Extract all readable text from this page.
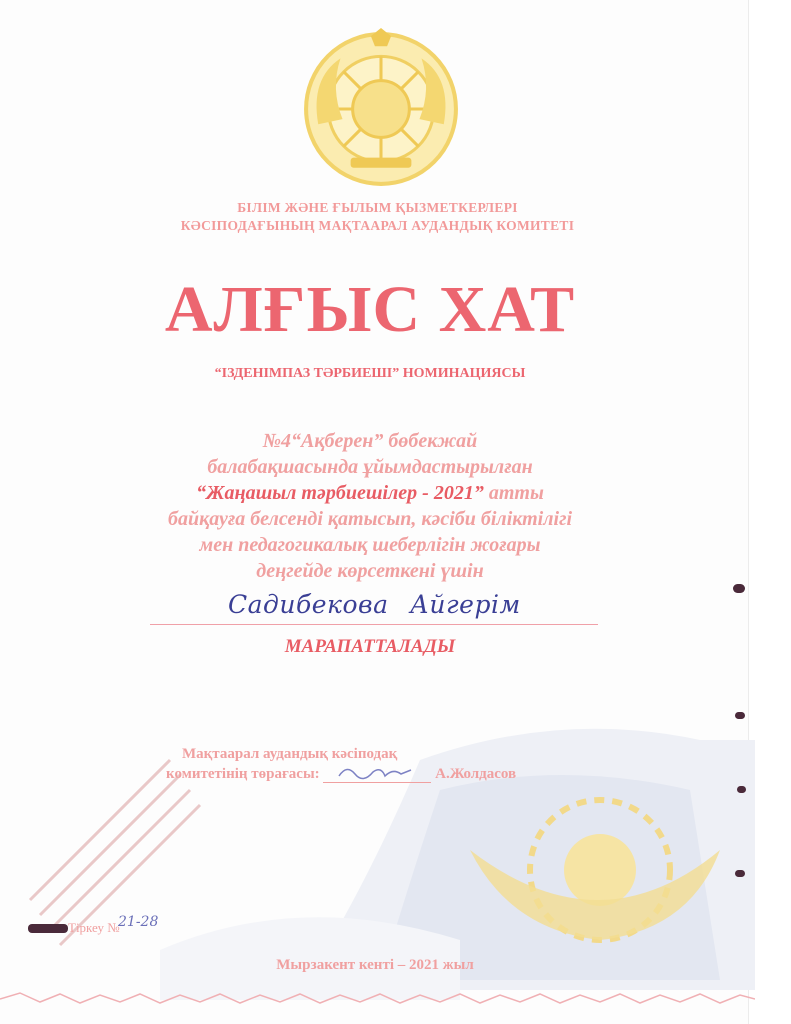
БІЛІМ ЖӘНЕ ҒЫЛЫМ ҚЫЗМЕТКЕРЛЕРІ
КӘСІПОДАҒЫНЫҢ МАҚТААРАЛ АУДАНДЫҚ КОМИТЕТІ
АЛҒЫС ХАТ
“ІЗДЕНІМПАЗ ТӘРБИЕШІ” НОМИНАЦИЯСЫ
№4“Ақберен” бөбекжай
балабақшасында ұйымдастырылған
“Жаңашыл тәрбиешілер - 2021” атты
байқауға белсенді қатысып, кәсіби біліктілігі
мен педагогикалық шеберлігін жоғары
деңгейде көрсеткені үшін
Садибекова Айгерім
МАРАПАТТАЛАДЫ
Мақтаарал аудандық кәсіподақ
комитетінің төрағасы:	А.Жолдасов
Тіркеу №
21-28
Мырзакент кенті – 2021 жыл
